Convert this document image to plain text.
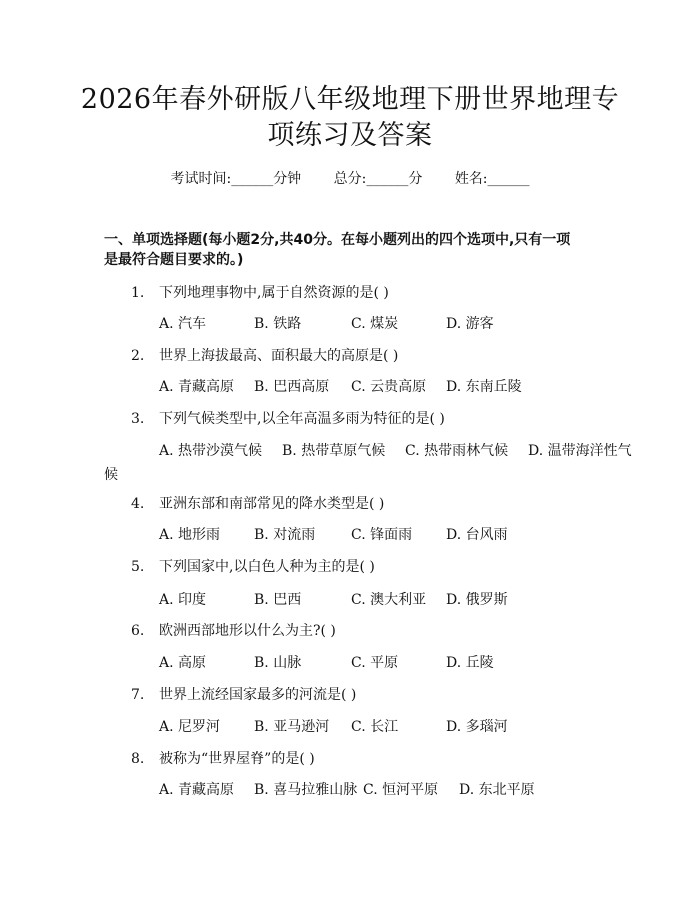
2026年春外研版八年级地理下册世界地理专
项练习及答案
考试时间:______分钟 总分:______分 姓名:______
一、单项选择题(每小题2分,共40分。在每小题列出的四个选项中,只有一项
是最符合题目要求的。)
1. 下列地理事物中,属于自然资源的是( )
A. 汽车	B. 铁路	C. 煤炭	D. 游客
2. 世界上海拔最高、面积最大的高原是( )
A. 青藏高原 B. 巴西高原 C. 云贵高原 D. 东南丘陵
3. 下列气候类型中,以全年高温多雨为特征的是( )
A. 热带沙漠气候 B. 热带草原气候 C. 热带雨林气候 D. 温带海洋性气
候
4. 亚洲东部和南部常见的降水类型是( )
A. 地形雨 B. 对流雨	C. 锋面雨 D. 台风雨
5. 下列国家中,以白色人种为主的是( )
A. 印度	B. 巴西	C. 澳大利亚 D. 俄罗斯
6. 欧洲西部地形以什么为主?( )
A. 高原	B. 山脉	C. 平原	D. 丘陵
7. 世界上流经国家最多的河流是( )
A. 尼罗河 B. 亚马逊河 C. 长江	D. 多瑙河
8. 被称为“世界屋脊”的是( )
A. 青藏高原 B. 喜马拉雅山脉 C. 恒河平原 D. 东北平原
